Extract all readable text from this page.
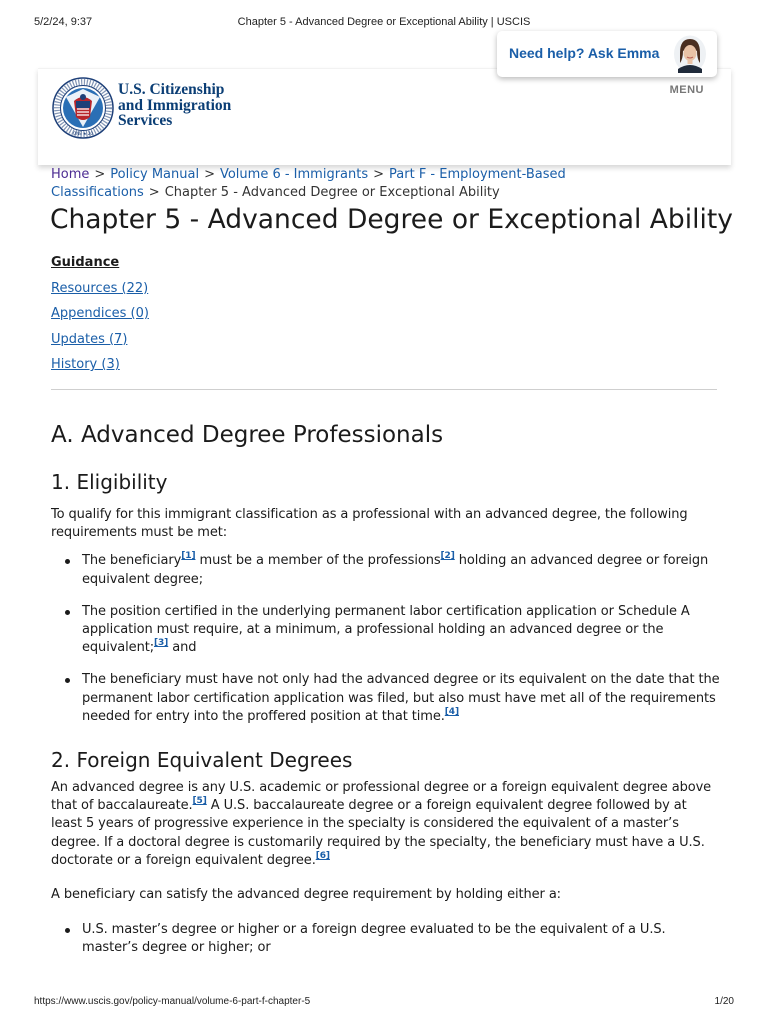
5/2/24, 9:37	Chapter 5 - Advanced Degree or Exceptional Ability | USCIS
ONE ★ 20
U.S. Citizenship
and Immigration
Services
MENU
Need help? Ask Emma
Home > Policy Manual > Volume 6 - Immigrants > Part F - Employment-Based Classifications > Chapter 5 - Advanced Degree or Exceptional Ability
Chapter 5 - Advanced Degree or Exceptional Ability
Guidance
Resources (22)
Appendices (0)
Updates (7)
History (3)
A. Advanced Degree Professionals
1. Eligibility

To qualify for this immigrant classification as a professional with an advanced degree, the following requirements must be met:

The beneficiary[1] must be a member of the professions[2] holding an advanced degree or foreign equivalent degree;
The position certified in the underlying permanent labor certification application or Schedule A application must require, at a minimum, a professional holding an advanced degree or the equivalent;[3] and
The beneficiary must have not only had the advanced degree or its equivalent on the date that the permanent labor certification application was filed, but also must have met all of the requirements needed for entry into the proffered position at that time.[4]
2. Foreign Equivalent Degrees

An advanced degree is any U.S. academic or professional degree or a foreign equivalent degree above that of baccalaureate.[5] A U.S. baccalaureate degree or a foreign equivalent degree followed by at least 5 years of progressive experience in the specialty is considered the equivalent of a master’s degree. If a doctoral degree is customarily required by the specialty, the beneficiary must have a U.S. doctorate or a foreign equivalent degree.[6]

A beneficiary can satisfy the advanced degree requirement by holding either a:

U.S. master’s degree or higher or a foreign degree evaluated to be the equivalent of a U.S. master’s degree or higher; or
https://www.uscis.gov/policy-manual/volume-6-part-f-chapter-5	1/20
